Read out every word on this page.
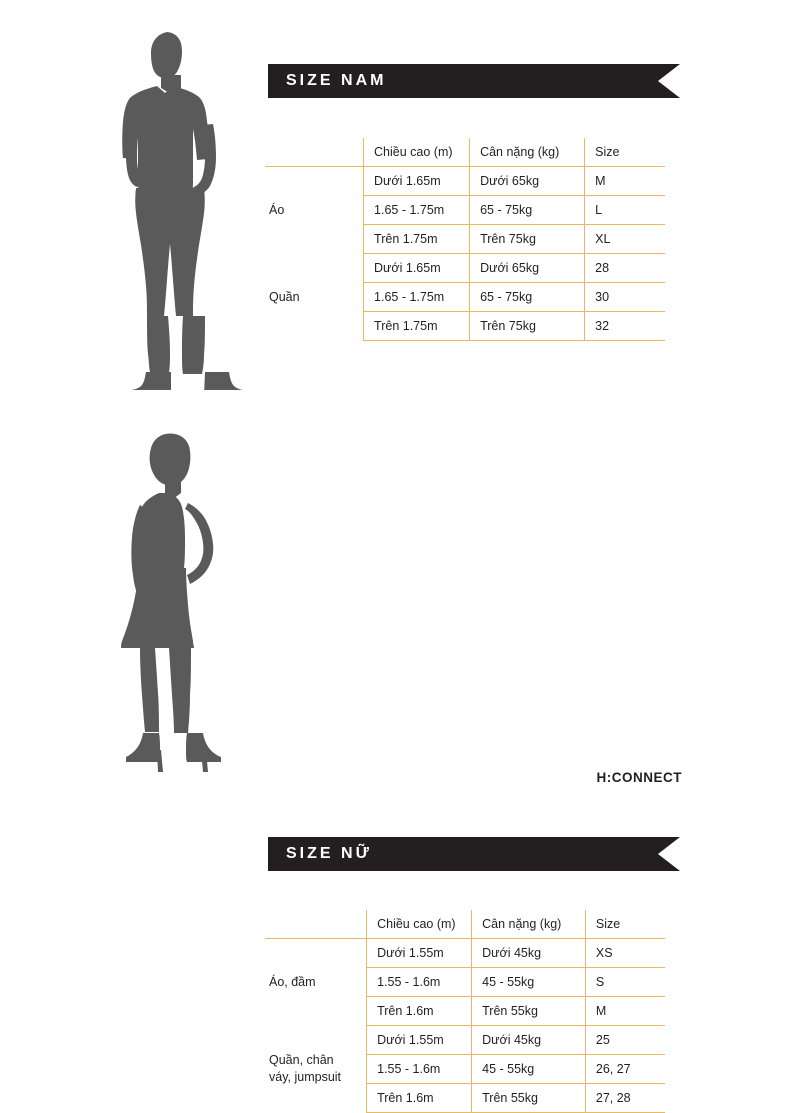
SIZE NAM
	Chiều cao (m)	Cân nặng (kg)	Size
Áo	Dưới 1.65m	Dưới 65kg	M
	1.65 - 1.75m	65 - 75kg	L
	Trên 1.75m	Trên 75kg	XL
Quần	Dưới 1.65m	Dưới 65kg	28
	1.65 - 1.75m	65 - 75kg	30
	Trên 1.75m	Trên 75kg	32
SIZE NỮ
	Chiều cao (m)	Cân nặng (kg)	Size
Áo, đầm	Dưới 1.55m	Dưới 45kg	XS
	1.55 - 1.6m	45 - 55kg	S
	Trên 1.6m	Trên 55kg	M
Quần, chân váy, jumpsuit	Dưới 1.55m	Dưới 45kg	25
	1.55 - 1.6m	45 - 55kg	26, 27
	Trên 1.6m	Trên 55kg	27, 28
H:CONNECT
